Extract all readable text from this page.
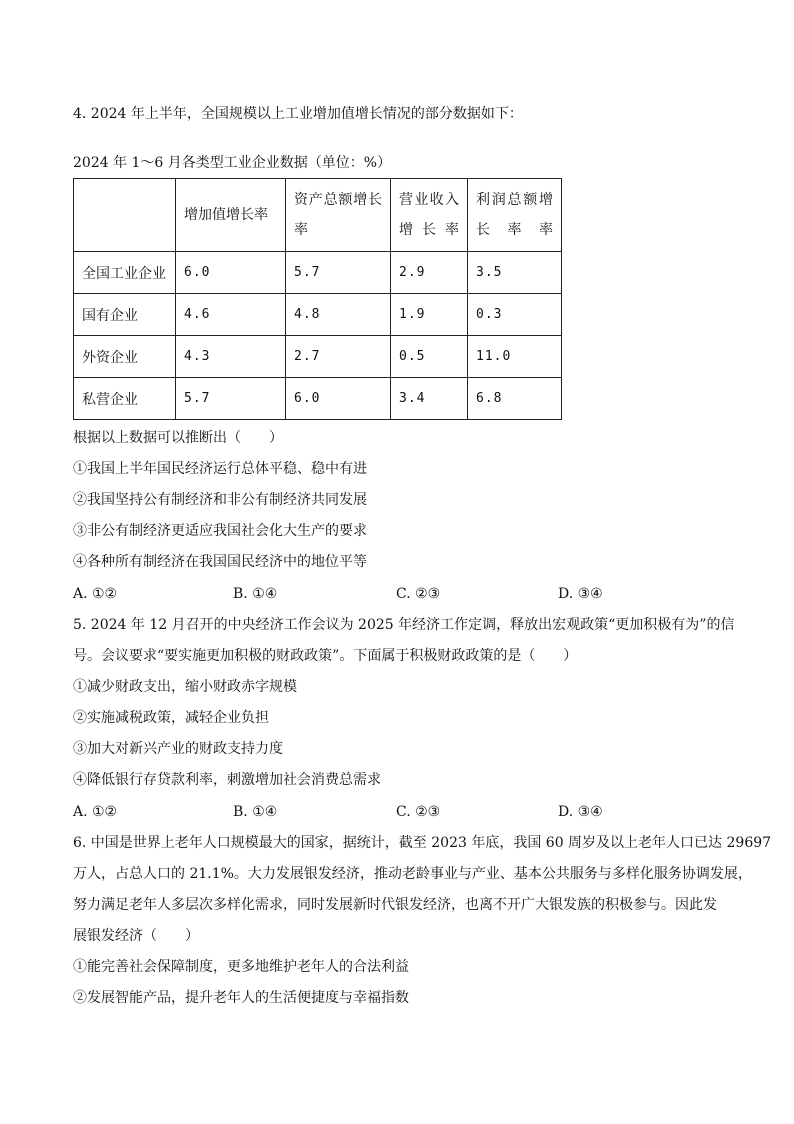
4. 2024 年上半年，全国规模以上工业增加值增长情况的部分数据如下：
2024 年 1～6 月各类型工业企业数据（单位：%）
	增加值增长率	资产总额增长率	营业收入增长率	利润总额增长率率
全国工业企业	6.0	5.7	2.9	3.5
国有企业	4.6	4.8	1.9	0.3
外资企业	4.3	2.7	0.5	11.0
私营企业	5.7	6.0	3.4	6.8
根据以上数据可以推断出（　　）
①我国上半年国民经济运行总体平稳、稳中有进
②我国坚持公有制经济和非公有制经济共同发展
③非公有制经济更适应我国社会化大生产的要求
④各种所有制经济在我国国民经济中的地位平等
A. ①②	B. ①④	C. ②③	D. ③④
5. 2024 年 12 月召开的中央经济工作会议为 2025 年经济工作定调，释放出宏观政策“更加积极有为”的信
号。会议要求“要实施更加积极的财政政策”。下面属于积极财政政策的是（　　）
①减少财政支出，缩小财政赤字规模
②实施减税政策，减轻企业负担
③加大对新兴产业的财政支持力度
④降低银行存贷款利率，刺激增加社会消费总需求
A. ①②	B. ①④	C. ②③	D. ③④
6. 中国是世界上老年人口规模最大的国家，据统计，截至 2023 年底，我国 60 周岁及以上老年人口已达 29697
万人，占总人口的 21.1%。大力发展银发经济，推动老龄事业与产业、基本公共服务与多样化服务协调发展，
努力满足老年人多层次多样化需求，同时发展新时代银发经济，也离不开广大银发族的积极参与。因此发
展银发经济（　　）
①能完善社会保障制度，更多地维护老年人的合法利益
②发展智能产品，提升老年人的生活便捷度与幸福指数
